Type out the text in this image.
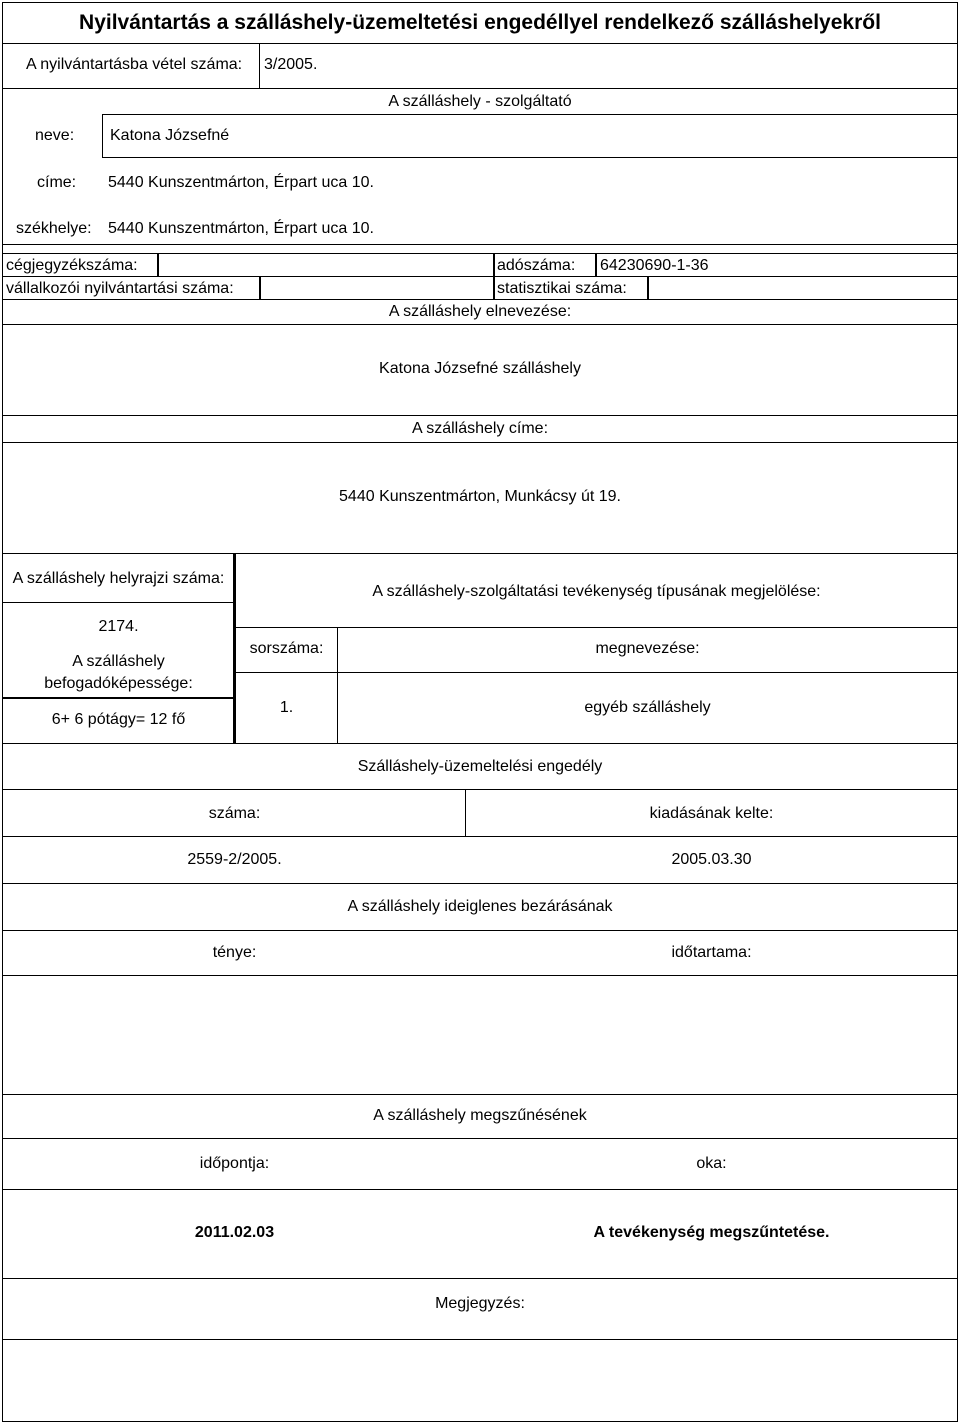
Nyilvántartás a szálláshely-üzemeltetési engedéllyel rendelkező szálláshelyekről
A nyilvántartásba vétel száma: 3/2005.
A szálláshely - szolgáltató
neve: Katona Józsefné
címe: 5440 Kunszentmárton, Érpart uca 10.
székhelye: 5440 Kunszentmárton, Érpart uca 10.
cégjegyzékszáma:	adószáma: 64230690-1-36
vállalkozói nyilvántartási száma:	statisztikai száma:
A szálláshely elnevezése:
Katona Józsefné szálláshely
A szálláshely címe:
5440 Kunszentmárton, Munkácsy út 19.
A szálláshely helyrajzi száma:
2174.
A szálláshely
befogadóképessége:
6+ 6 pótágy= 12 fő
A szálláshely-szolgáltatási tevékenység típusának megjelölése:
sorszáma:	megnevezése:
1.	egyéb szálláshely
Szálláshely-üzemeltelési engedély
száma:	kiadásának kelte:
2559-2/2005.	2005.03.30
A szálláshely ideiglenes bezárásának
ténye:	időtartama:
A szálláshely megszűnésének
időpontja:	oka:
2011.02.03	A tevékenység megszűntetése.
Megjegyzés:
